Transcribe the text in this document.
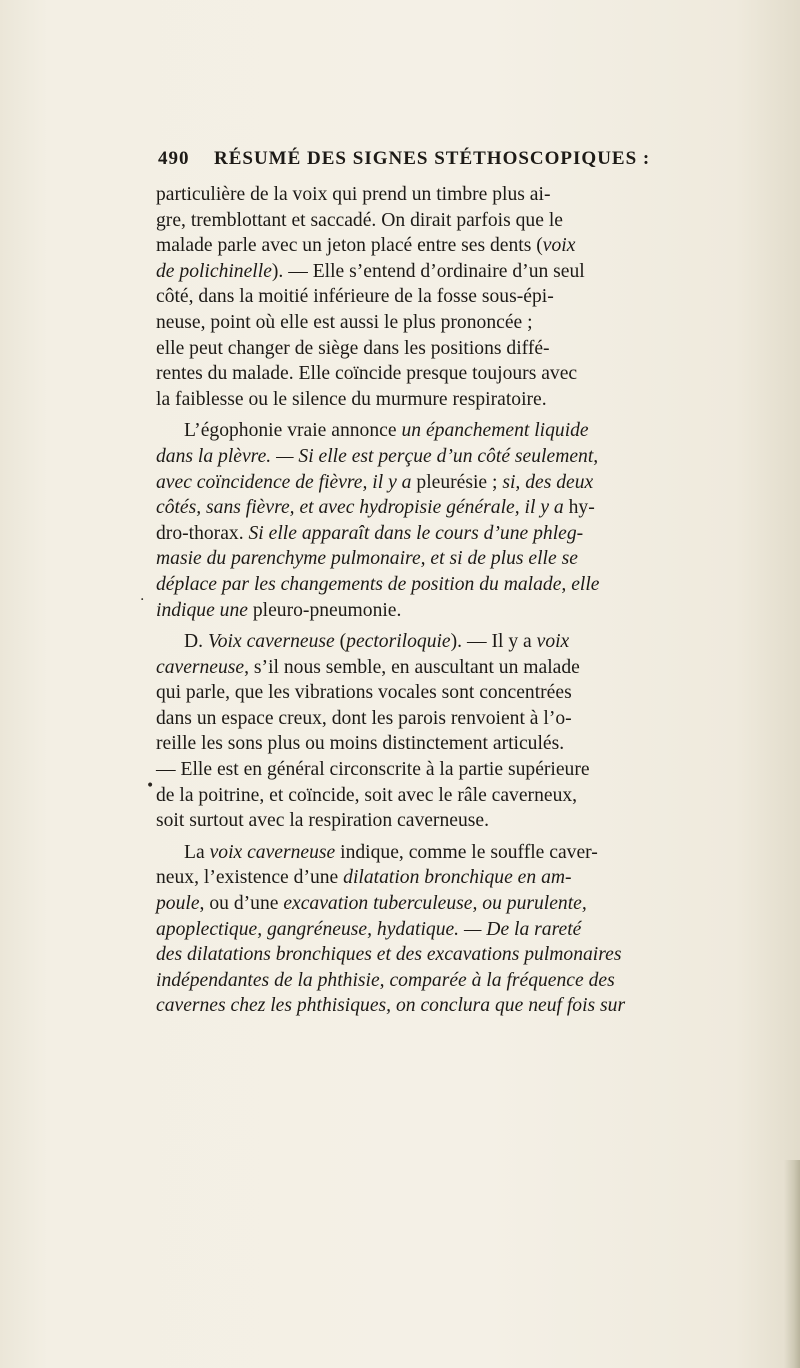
490 RÉSUMÉ DES SIGNES STÉTHOSCOPIQUES :
particulière de la voix qui prend un timbre plus ai-
gre, tremblottant et saccadé. On dirait parfois que le
malade parle avec un jeton placé entre ses dents (voix
de polichinelle). — Elle s’entend d’ordinaire d’un seul
côté, dans la moitié inférieure de la fosse sous-épi-
neuse, point où elle est aussi le plus prononcée ;
elle peut changer de siège dans les positions diffé-
rentes du malade. Elle coïncide presque toujours avec
la faiblesse ou le silence du murmure respiratoire.
L’égophonie vraie annonce un épanchement liquide
dans la plèvre. — Si elle est perçue d’un côté seulement,
avec coïncidence de fièvre, il y a pleurésie ; si, des deux
côtés, sans fièvre, et avec hydropisie générale, il y a hy-
dro-thorax. Si elle apparaît dans le cours d’une phleg-
masie du parenchyme pulmonaire, et si de plus elle se
déplace par les changements de position du malade, elle
indique une pleuro-pneumonie.
D. Voix caverneuse (pectoriloquie). — Il y a voix
caverneuse, s’il nous semble, en auscultant un malade
qui parle, que les vibrations vocales sont concentrées
dans un espace creux, dont les parois renvoient à l’o-
reille les sons plus ou moins distinctement articulés.
— Elle est en général circonscrite à la partie supérieure
de la poitrine, et coïncide, soit avec le râle caverneux,
soit surtout avec la respiration caverneuse.
La voix caverneuse indique, comme le souffle caver-
neux, l’existence d’une dilatation bronchique en am-
poule, ou d’une excavation tuberculeuse, ou purulente,
apoplectique, gangréneuse, hydatique. — De la rareté
des dilatations bronchiques et des excavations pulmonaires
indépendantes de la phthisie, comparée à la fréquence des
cavernes chez les phthisiques, on conclura que neuf fois sur
•
·
